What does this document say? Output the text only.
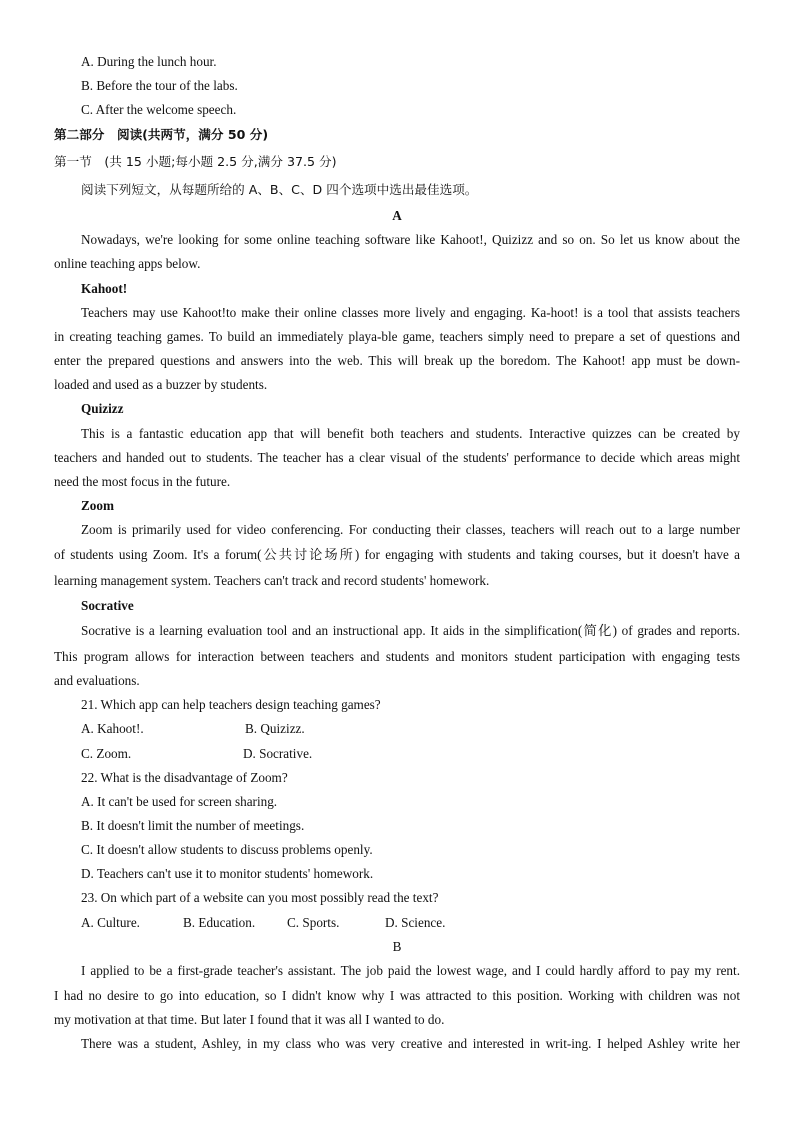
A. During the lunch hour.
B. Before the tour of the labs.
C. After the welcome speech.
第二部分　阅读(共两节，满分 50 分)
第一节　(共 15 小题;每小题 2.5 分,满分 37.5 分)
阅读下列短文，从每题所给的 A、B、C、D 四个选项中选出最佳选项。
A
Nowadays, we're looking for some online teaching software like Kahoot!, Quizizz and so on. So let us know about the
online teaching apps below.
Kahoot!
Teachers may use Kahoot!to make their online classes more lively and engaging. Ka-hoot! is a tool that assists teachers
in creating teaching games. To build an immediately playa-ble game, teachers simply need to prepare a set of questions and
enter the prepared questions and answers into the web. This will break up the boredom. The Kahoot! app must be down-
loaded and used as a buzzer by students.
Quizizz
This is a fantastic education app that will benefit both teachers and students. Interactive quizzes can be created by
teachers and handed out to students. The teacher has a clear visual of the students' performance to decide which areas might
need the most focus in the future.
Zoom
Zoom is primarily used for video conferencing. For conducting their classes, teachers will reach out to a large number
of students using Zoom. It's a forum(公共讨论场所) for engaging with students and taking courses, but it doesn't have a
learning management system. Teachers can't track and record students' homework.
Socrative
Socrative is a learning evaluation tool and an instructional app. It aids in the simplification(简化) of grades and reports.
This program allows for interaction between teachers and students and monitors student participation with engaging tests
and evaluations.
21. Which app can help teachers design teaching games?
A. Kahoot!.	B. Quizizz.
C. Zoom.	D. Socrative.
22. What is the disadvantage of Zoom?
A. It can't be used for screen sharing.
B. It doesn't limit the number of meetings.
C. It doesn't allow students to discuss problems openly.
D. Teachers can't use it to monitor students' homework.
23. On which part of a website can you most possibly read the text?
A. Culture.	B. Education. C. Sports.	D. Science.
B
I applied to be a first-grade teacher's assistant. The job paid the lowest wage, and I could hardly afford to pay my rent.
I had no desire to go into education, so I didn't know why I was attracted to this position. Working with children was not
my motivation at that time. But later I found that it was all I wanted to do.
There was a student, Ashley, in my class who was very creative and interested in writ-ing. I helped Ashley write her
